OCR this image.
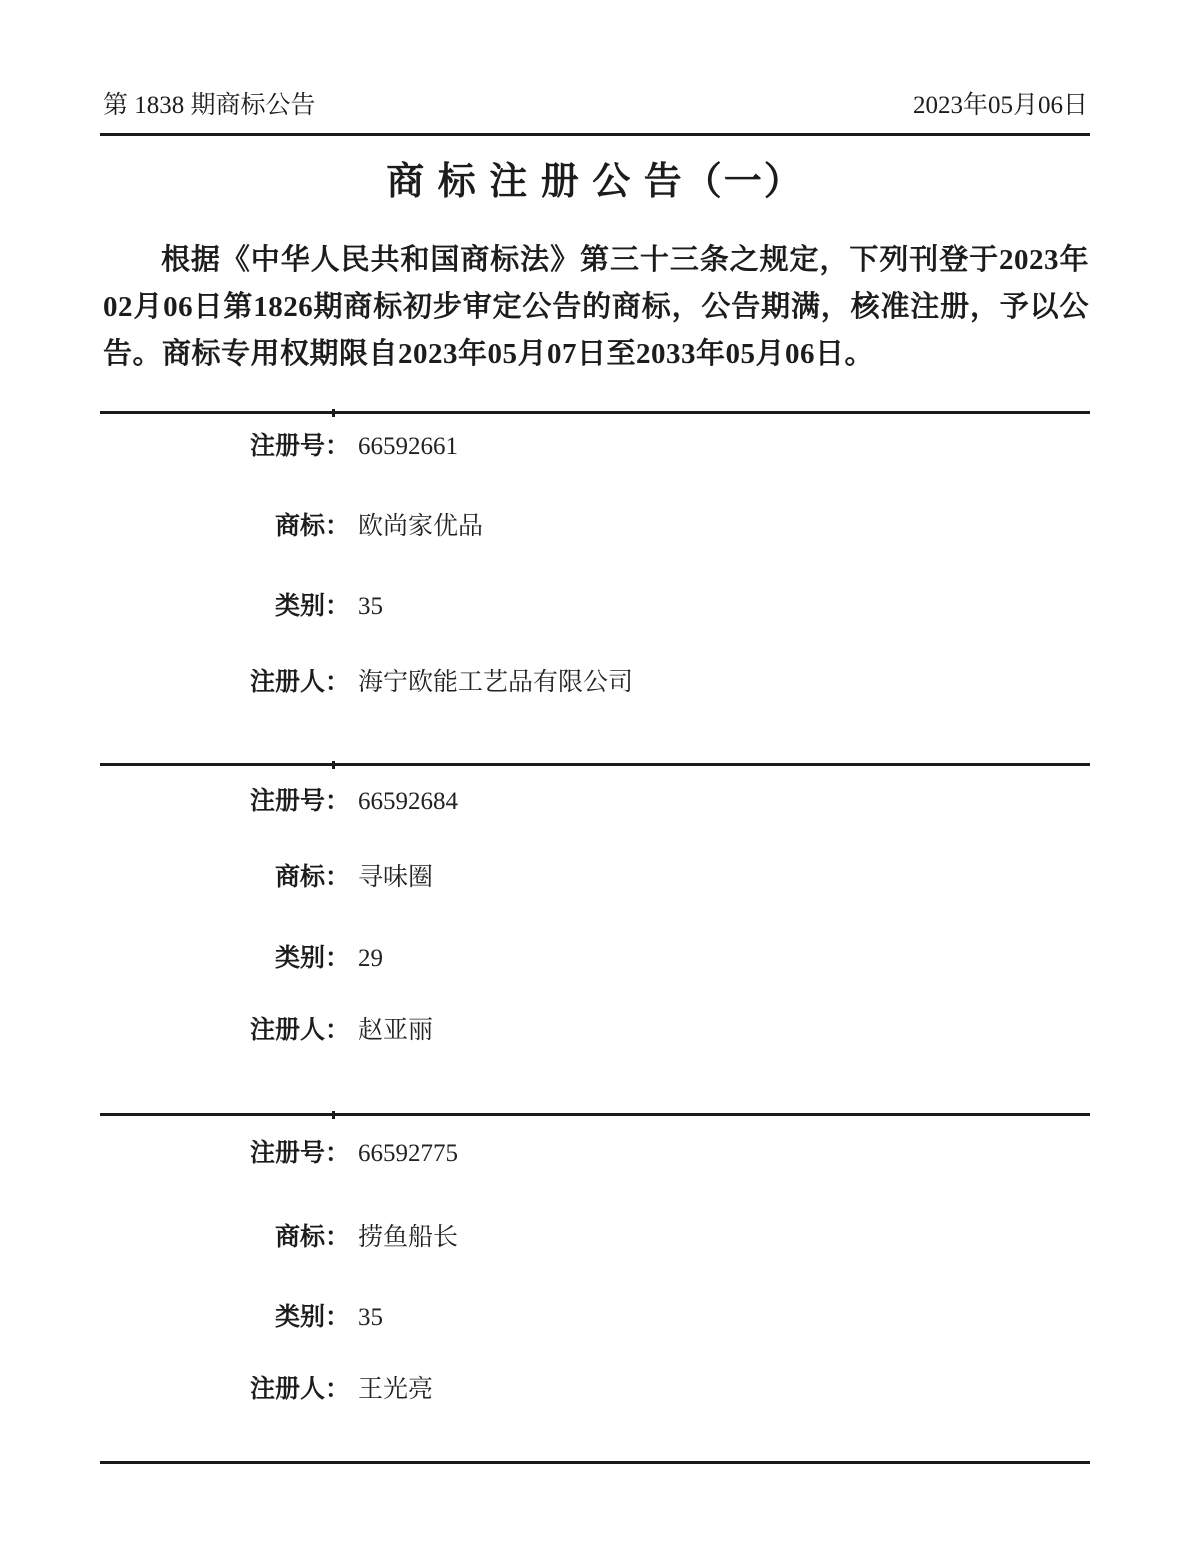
第 1838 期商标公告	2023年05月06日
商 标 注 册 公 告（一）

根据《中华人民共和国商标法》第三十三条之规定，下列刊登于2023年02月06日第1826期商标初步审定公告的商标，公告期满，核准注册，予以公告。商标专用权期限自2023年05月07日至2033年05月06日。

注册号： 66592661
商标： 欧尚家优品
类别： 35
注册人： 海宁欧能工艺品有限公司
注册号： 66592684
商标： 寻味圈
类别： 29
注册人： 赵亚丽
注册号： 66592775
商标： 捞鱼船长
类别： 35
注册人： 王光亮
